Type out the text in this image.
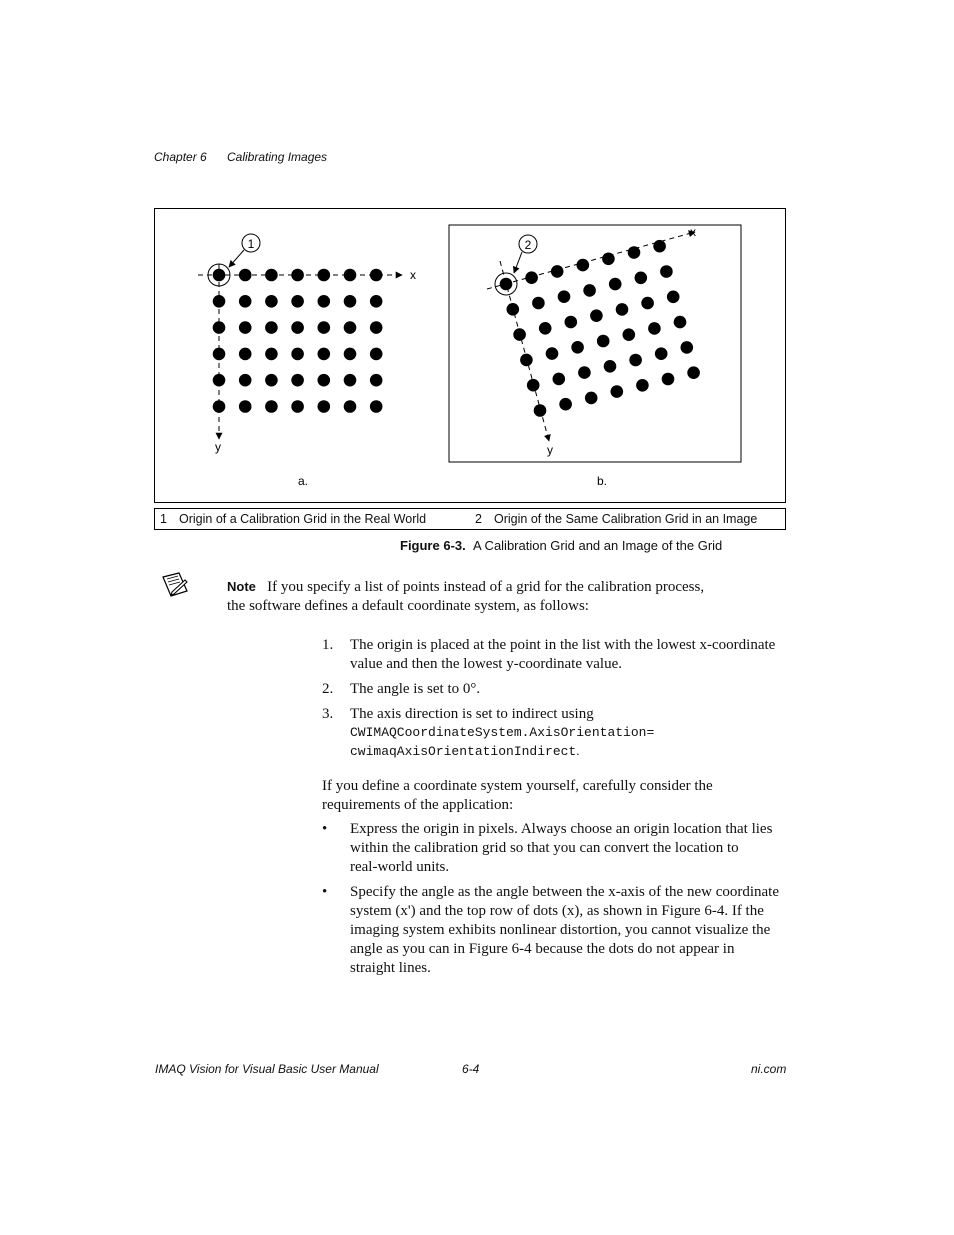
Chapter 6 Calibrating Images
1
x
y
a.
2
x
y
b.
1 Origin of a Calibration Grid in the Real World	2 Origin of the Same Calibration Grid in an Image
Figure 6-3. A Calibration Grid and an Image of the Grid
Note If you specify a list of points instead of a grid for the calibration process,
the software defines a default coordinate system, as follows:
1. The origin is placed at the point in the list with the lowest x-coordinate
value and then the lowest y-coordinate value.
2. The angle is set to 0°.
3. The axis direction is set to indirect using
CWIMAQCoordinateSystem.AxisOrientation=
cwimaqAxisOrientationIndirect.
If you define a coordinate system yourself, carefully consider the
requirements of the application:
• Express the origin in pixels. Always choose an origin location that lies
within the calibration grid so that you can convert the location to
real-world units.
• Specify the angle as the angle between the x-axis of the new coordinate
system (x') and the top row of dots (x), as shown in Figure 6-4. If the
imaging system exhibits nonlinear distortion, you cannot visualize the
angle as you can in Figure 6-4 because the dots do not appear in
straight lines.
IMAQ Vision for Visual Basic User Manual	6-4	ni.com
